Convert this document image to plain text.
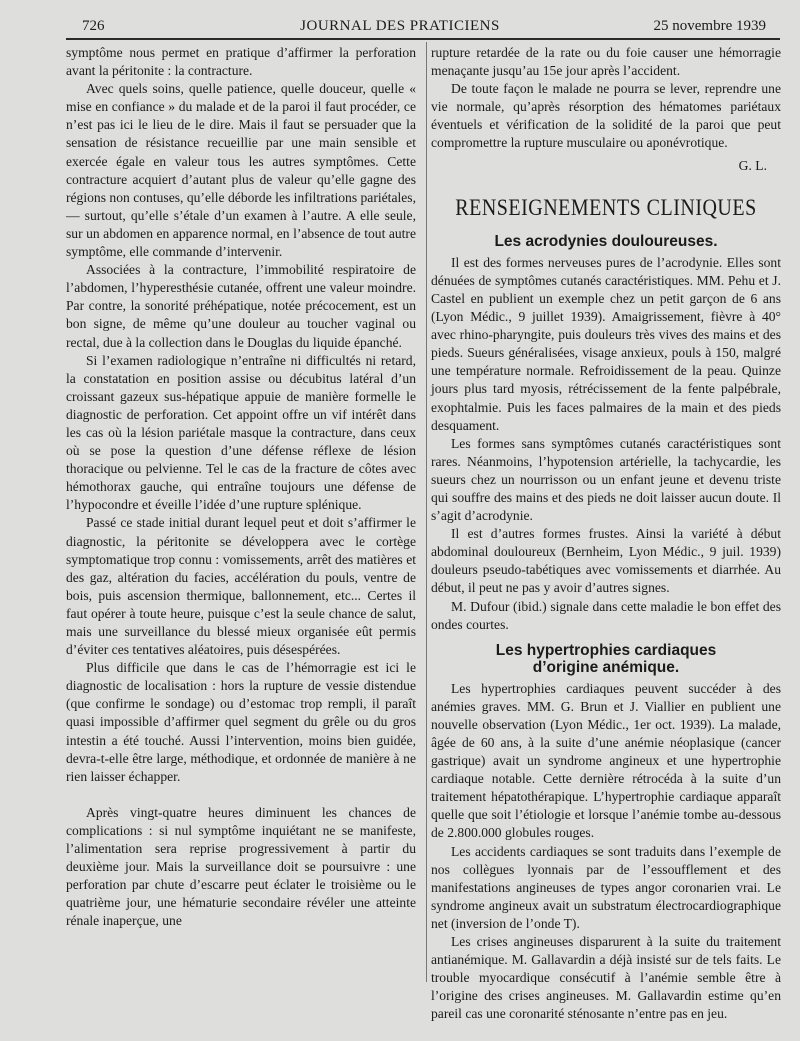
726	JOURNAL DES PRATICIENS	25 novembre 1939

symptôme nous permet en pratique d’affirmer la perforation avant la péritonite : la contracture.

Avec quels soins, quelle patience, quelle douceur, quelle « mise en confiance » du malade et de la paroi il faut procéder, ce n’est pas ici le lieu de le dire. Mais il faut se persuader que la sensation de résistance recueillie par une main sensible et exercée égale en valeur tous les autres symptômes. Cette contracture acquiert d’autant plus de valeur qu’elle gagne des régions non contuses, qu’elle déborde les infiltrations pariétales, — surtout, qu’elle s’étale d’un examen à l’autre. A elle seule, sur un abdomen en apparence normal, en l’absence de tout autre symptôme, elle commande d’intervenir.

Associées à la contracture, l’immobilité respiratoire de l’abdomen, l’hyperesthésie cutanée, offrent une valeur moindre. Par contre, la sonorité préhépatique, notée précocement, est un bon signe, de même qu’une douleur au toucher vaginal ou rectal, due à la collection dans le Douglas du liquide épanché.

Si l’examen radiologique n’entraîne ni difficultés ni retard, la constatation en position assise ou décubitus latéral d’un croissant gazeux sus-hépatique appuie de manière formelle le diagnostic de perforation. Cet appoint offre un vif intérêt dans les cas où la lésion pariétale masque la contracture, dans ceux où se pose la question d’une défense réflexe de lésion thoracique ou pelvienne. Tel le cas de la fracture de côtes avec hémothorax gauche, qui entraîne toujours une défense de l’hypocondre et éveille l’idée d’une rupture splénique.

Passé ce stade initial durant lequel peut et doit s’affirmer le diagnostic, la péritonite se développera avec le cortège symptomatique trop connu : vomissements, arrêt des matières et des gaz, altération du facies, accélération du pouls, ventre de bois, puis ascension thermique, ballonnement, etc... Certes il faut opérer à toute heure, puisque c’est la seule chance de salut, mais une surveillance du blessé mieux organisée eût permis d’éviter ces tentatives aléatoires, puis désespérées.

Plus difficile que dans le cas de l’hémorragie est ici le diagnostic de localisation : hors la rupture de vessie distendue (que confirme le sondage) ou d’estomac trop rempli, il paraît quasi impossible d’affirmer quel segment du grêle ou du gros intestin a été touché. Aussi l’intervention, moins bien guidée, devra-t-elle être large, méthodique, et ordonnée de manière à ne rien laisser échapper.

Après vingt-quatre heures diminuent les chances de complications : si nul symptôme inquiétant ne se manifeste, l’alimentation sera reprise progressivement à partir du deuxième jour. Mais la surveillance doit se poursuivre : une perforation par chute d’escarre peut éclater le troisième ou le quatrième jour, une hématurie secondaire révéler une atteinte rénale inaperçue, une

rupture retardée de la rate ou du foie causer une hémorragie menaçante jusqu’au 15e jour après l’accident.

De toute façon le malade ne pourra se lever, reprendre une vie normale, qu’après résorption des hématomes pariétaux éventuels et vérification de la solidité de la paroi que peut compromettre la rupture musculaire ou aponévrotique.

G. L.
RENSEIGNEMENTS CLINIQUES
Les acrodynies douloureuses.

Il est des formes nerveuses pures de l’acrodynie. Elles sont dénuées de symptômes cutanés caractéristiques. MM. Pehu et J. Castel en publient un exemple chez un petit garçon de 6 ans (Lyon Médic., 9 juillet 1939). Amaigrissement, fièvre à 40° avec rhino-pharyngite, puis douleurs très vives des mains et des pieds. Sueurs généralisées, visage anxieux, pouls à 150, malgré une température normale. Refroidissement de la peau. Quinze jours plus tard myosis, rétrécissement de la fente palpébrale, exophtalmie. Puis les faces palmaires de la main et des pieds desquament.

Les formes sans symptômes cutanés caractéristiques sont rares. Néanmoins, l’hypotension artérielle, la tachycardie, les sueurs chez un nourrisson ou un enfant jeune et devenu triste qui souffre des mains et des pieds ne doit laisser aucun doute. Il s’agit d’acrodynie.

Il est d’autres formes frustes. Ainsi la variété à début abdominal douloureux (Bernheim, Lyon Médic., 9 juil. 1939) douleurs pseudo-tabétiques avec vomissements et diarrhée. Au début, il peut ne pas y avoir d’autres signes.

M. Dufour (ibid.) signale dans cette maladie le bon effet des ondes courtes.

Les hypertrophies cardiaques
d’origine anémique.

Les hypertrophies cardiaques peuvent succéder à des anémies graves. MM. G. Brun et J. Viallier en publient une nouvelle observation (Lyon Médic., 1er oct. 1939). La malade, âgée de 60 ans, à la suite d’une anémie néoplasique (cancer gastrique) avait un syndrome angineux et une hypertrophie cardiaque notable. Cette dernière rétrocéda à la suite d’un traitement hépatothérapique. L’hypertrophie cardiaque apparaît quelle que soit l’étiologie et lorsque l’anémie tombe au-dessous de 2.800.000 globules rouges.

Les accidents cardiaques se sont traduits dans l’exemple de nos collègues lyonnais par de l’essoufflement et des manifestations angineuses de types angor coronarien vrai. Le syndrome angineux avait un substratum électrocardiographique net (inversion de l’onde T).

Les crises angineuses disparurent à la suite du traitement antianémique. M. Gallavardin a déjà insisté sur de tels faits. Le trouble myocardique consécutif à l’anémie semble être à l’origine des crises angineuses. M. Gallavardin estime qu’en pareil cas une coronarité sténosante n’entre pas en jeu.
